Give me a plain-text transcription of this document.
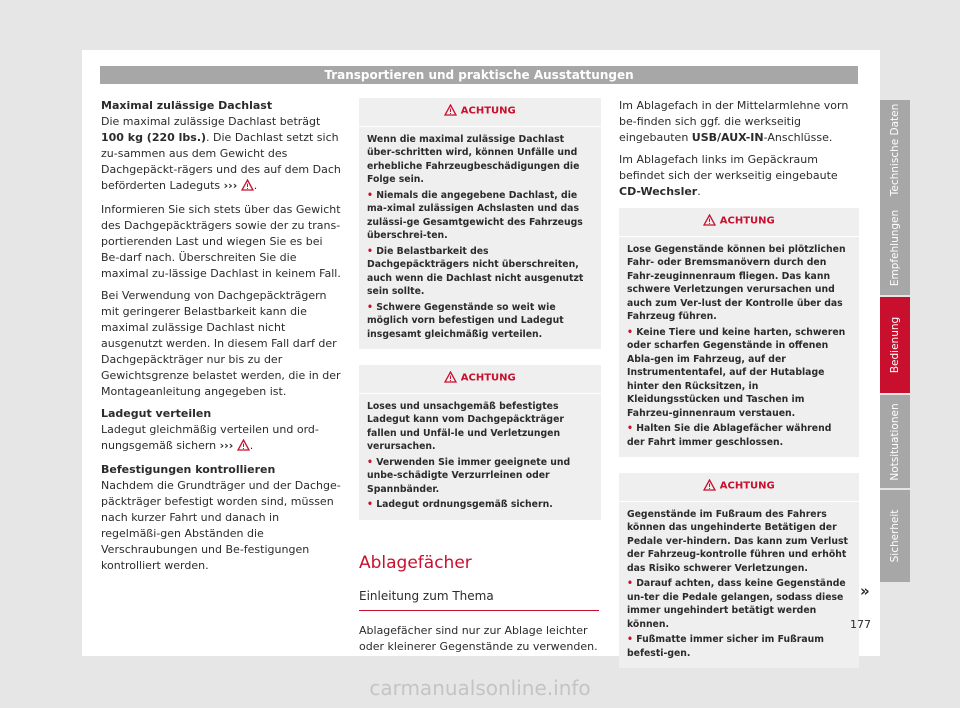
Transportieren und praktische Ausstattungen
Maximal zulässige Dachlast

Die maximal zulässige Dachlast beträgt 100 kg (220 lbs.). Die Dachlast setzt sich zu-sammen aus dem Gewicht des Dachgepäckt-rägers und des auf dem Dach beförderten Ladeguts ››› .

Informieren Sie sich stets über das Gewicht des Dachgepäckträgers sowie der zu trans-portierenden Last und wiegen Sie es bei Be-darf nach. Überschreiten Sie die maximal zu-lässige Dachlast in keinem Fall.

Bei Verwendung von Dachgepäckträgern mit geringerer Belastbarkeit kann die maximal zulässige Dachlast nicht ausgenutzt werden. In diesem Fall darf der Dachgepäckträger nur bis zu der Gewichtsgrenze belastet werden, die in der Montageanleitung angegeben ist.

Ladegut verteilen

Ladegut gleichmäßig verteilen und ord-nungsgemäß sichern ››› .

Befestigungen kontrollieren

Nachdem die Grundträger und der Dachge-päckträger befestigt worden sind, müssen nach kurzer Fahrt und danach in regelmäßi-gen Abständen die Verschraubungen und Be-festigungen kontrolliert werden.

ACHTUNG
Wenn die maximal zulässige Dachlast über-schritten wird, können Unfälle und erhebliche Fahrzeugbeschädigungen die Folge sein.
• Niemals die angegebene Dachlast, die ma-ximal zulässigen Achslasten und das zulässi-ge Gesamtgewicht des Fahrzeugs überschrei-ten.
• Die Belastbarkeit des Dachgepäckträgers nicht überschreiten, auch wenn die Dachlast nicht ausgenutzt sein sollte.
• Schwere Gegenstände so weit wie möglich vorn befestigen und Ladegut insgesamt gleichmäßig verteilen.
ACHTUNG
Loses und unsachgemäß befestigtes Ladegut kann vom Dachgepäckträger fallen und Unfäl-le und Verletzungen verursachen.
• Verwenden Sie immer geeignete und unbe-schädigte Verzurrleinen oder Spannbänder.
• Ladegut ordnungsgemäß sichern.
Ablagefächer
Einleitung zum Thema

Ablagefächer sind nur zur Ablage leichter oder kleinerer Gegenstände zu verwenden.

Im Ablagefach in der Mittelarmlehne vorn be-finden sich ggf. die werkseitig eingebauten USB/AUX-IN-Anschlüsse.

Im Ablagefach links im Gepäckraum befindet sich der werkseitig eingebaute CD-Wechsler.

ACHTUNG
Lose Gegenstände können bei plötzlichen Fahr- oder Bremsmanövern durch den Fahr-zeuginnenraum fliegen. Das kann schwere Verletzungen verursachen und auch zum Ver-lust der Kontrolle über das Fahrzeug führen.
• Keine Tiere und keine harten, schweren oder scharfen Gegenstände in offenen Abla-gen im Fahrzeug, auf der Instrumententafel, auf der Hutablage hinter den Rücksitzen, in Kleidungsstücken und Taschen im Fahrzeu-ginnenraum verstauen.
• Halten Sie die Ablagefächer während der Fahrt immer geschlossen.
ACHTUNG
Gegenstände im Fußraum des Fahrers können das ungehinderte Betätigen der Pedale ver-hindern. Das kann zum Verlust der Fahrzeug-kontrolle führen und erhöht das Risiko schwerer Verletzungen.
• Darauf achten, dass keine Gegenstände un-ter die Pedale gelangen, sodass diese immer ungehindert betätigt werden können.
• Fußmatte immer sicher im Fußraum befesti-gen.
»
Technische Daten
Empfehlungen
Bedienung
Notsituationen
Sicherheit
177
carmanualsonline.info
